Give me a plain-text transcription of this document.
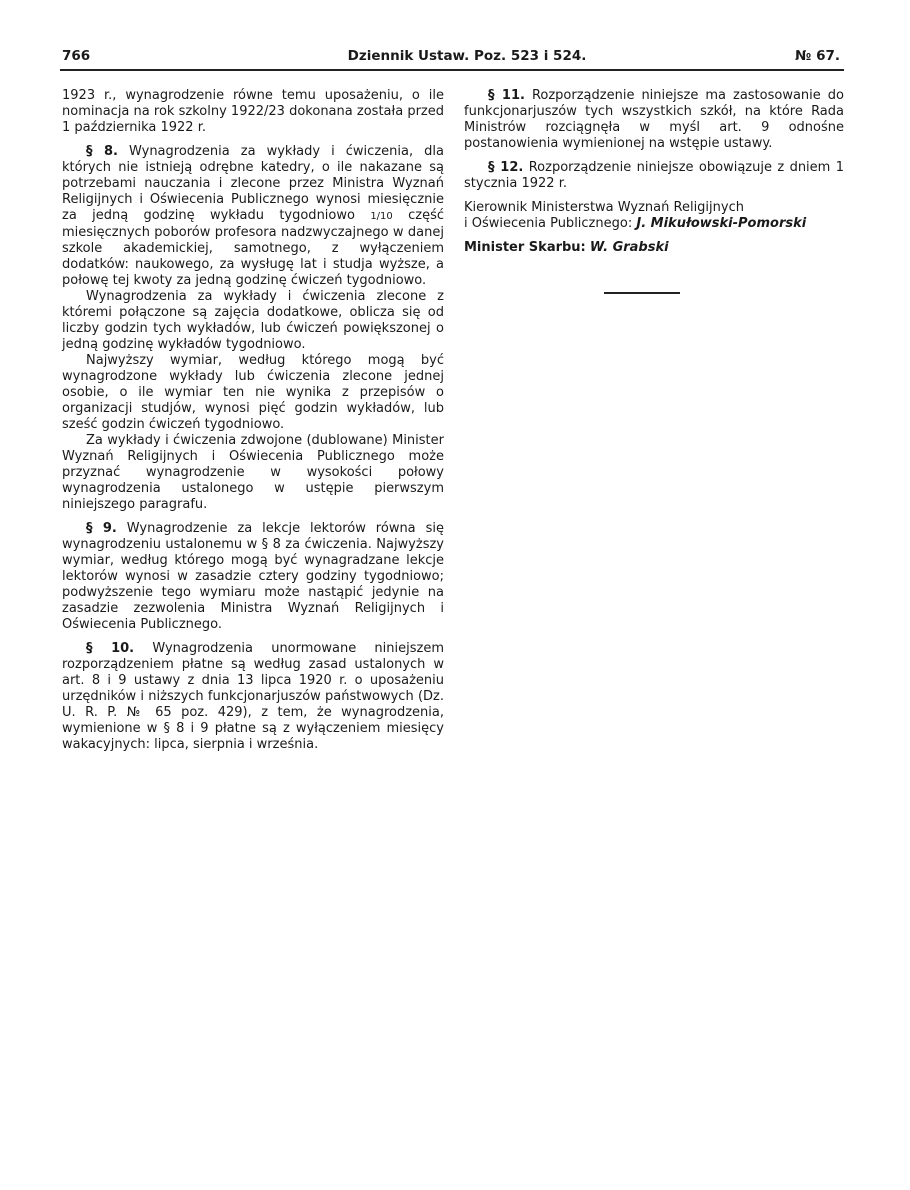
766	Dziennik Ustaw. Poz. 523 i 524.	№ 67.

1923 r., wynagrodzenie równe temu uposażeniu, o ile nominacja na rok szkolny 1922/23 dokonana została przed 1 października 1922 r.

§ 8. Wynagrodzenia za wykłady i ćwiczenia, dla których nie istnieją odrębne katedry, o ile nakazane są potrzebami nauczania i zlecone przez Ministra Wyznań Religijnych i Oświecenia Publicznego wynosi miesięcznie za jedną godzinę wykładu tygodniowo 1/10 część miesięcznych poborów profesora nadzwyczajnego w danej szkole akademickiej, samotnego, z wyłączeniem dodatków: naukowego, za wysługę lat i studja wyższe, a połowę tej kwoty za jedną godzinę ćwiczeń tygodniowo.

Wynagrodzenia za wykłady i ćwiczenia zlecone z któremi połączone są zajęcia dodatkowe, oblicza się od liczby godzin tych wykładów, lub ćwiczeń powiększonej o jedną godzinę wykładów tygodniowo.

Najwyższy wymiar, według którego mogą być wynagrodzone wykłady lub ćwiczenia zlecone jednej osobie, o ile wymiar ten nie wynika z przepisów o organizacji studjów, wynosi pięć godzin wykładów, lub sześć godzin ćwiczeń tygodniowo.

Za wykłady i ćwiczenia zdwojone (dublowane) Minister Wyznań Religijnych i Oświecenia Publicznego może przyznać wynagrodzenie w wysokości połowy wynagrodzenia ustalonego w ustępie pierwszym niniejszego paragrafu.

§ 9. Wynagrodzenie za lekcje lektorów równa się wynagrodzeniu ustalonemu w § 8 za ćwiczenia. Najwyższy wymiar, według którego mogą być wynagradzane lekcje lektorów wynosi w zasadzie cztery godziny tygodniowo; podwyższenie tego wymiaru może nastąpić jedynie na zasadzie zezwolenia Ministra Wyznań Religijnych i Oświecenia Publicznego.

§ 10. Wynagrodzenia unormowane niniejszem rozporządzeniem płatne są według zasad ustalonych w art. 8 i 9 ustawy z dnia 13 lipca 1920 r. o uposażeniu urzędników i niższych funkcjonarjuszów państwowych (Dz. U. R. P. № 65 poz. 429), z tem, że wynagrodzenia, wymienione w § 8 i 9 płatne są z wyłączeniem miesięcy wakacyjnych: lipca, sierpnia i września.

§ 11. Rozporządzenie niniejsze ma zastosowanie do funkcjonarjuszów tych wszystkich szkół, na które Rada Ministrów rozciągnęła w myśl art. 9 odnośne postanowienia wymienionej na wstępie ustawy.

§ 12. Rozporządzenie niniejsze obowiązuje z dniem 1 stycznia 1922 r.

Kierownik Ministerstwa Wyznań Religijnych
i Oświecenia Publicznego: J. Mikułowski-Pomorski

Minister Skarbu: W. Grabski
